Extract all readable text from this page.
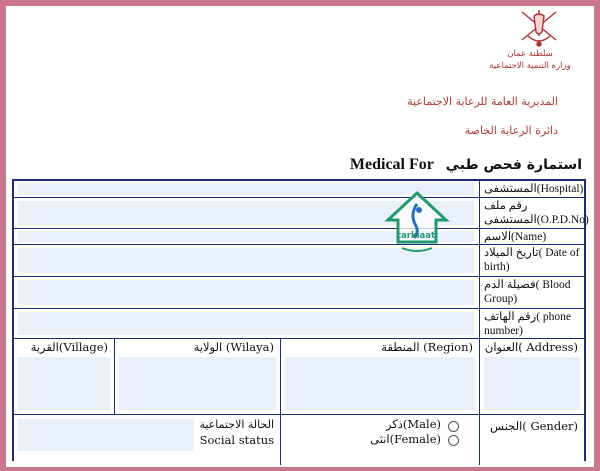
سلطنة عمان
وزارة التنمية الاجتماعية
المديرية العامة للرعاية الاجتماعية
دائرة الرعاية الخاصة
Medical For استمارة فحص طبي
المستشفى(Hospital)
رقم ملف
المستشفى(O.P.D.No)
الاسم(Name)
تاريخ الميلاد( Date of
birth)
فصيلة الدم( Blood
Group)
رقم الهاتف( phone
number)
العنوان( Address)
المنطقة (Region)
الولاية (Wilaya)
القرية(Village)
الجنس( Gender)
ذكر(Male)
انثى(Female)
الحالة الاجتماعية
Social status
tarkiaat
